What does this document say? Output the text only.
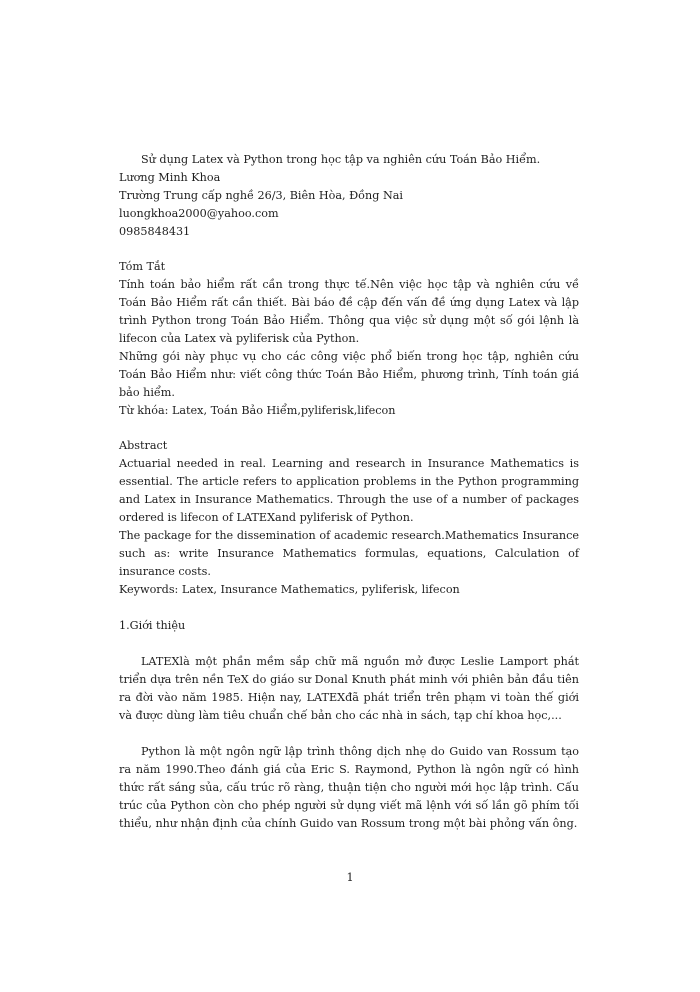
Sử dụng Latex và Python trong học tập va nghiên cứu Toán Bảo Hiểm.

Lương Minh Khoa

Trường Trung cấp nghề 26/3, Biên Hòa, Đồng Nai

luongkhoa2000@yahoo.com

0985848431

Tóm Tắt

Tính toán bảo hiểm rất cần trong thực tế.Nên việc học tập và nghiên cứu về Toán Bảo Hiểm rất cần thiết. Bài báo đề cập đến vấn đề ứng dụng Latex và lập trình Python trong Toán Bảo Hiểm. Thông qua việc sử dụng một số gói lệnh là lifecon của Latex và pyliferisk của Python.

Những gói này phục vụ cho các công việc phổ biến trong học tập, nghiên cứu Toán Bảo Hiểm như: viết công thức Toán Bảo Hiểm, phương trình, Tính toán giá bảo hiểm.

Từ khóa: Latex, Toán Bảo Hiểm,pyliferisk,lifecon

Abstract

Actuarial needed in real. Learning and research in Insurance Mathematics is essential. The article refers to application problems in the Python programming and Latex in Insurance Mathematics. Through the use of a number of packages ordered is lifecon of LATEXand pyliferisk of Python.

The package for the dissemination of academic research.Mathematics Insurance such as: write Insurance Mathematics formulas, equations, Calculation of insurance costs.

Keywords: Latex, Insurance Mathematics, pyliferisk, lifecon

1.Giới thiệu

LATEXlà một phần mềm sắp chữ mã nguồn mở được Leslie Lamport phát triển dựa trên nền TeX do giáo sư Donal Knuth phát minh với phiên bản đầu tiên ra đời vào năm 1985. Hiện nay, LATEXđã phát triển trên phạm vi toàn thế giới và được dùng làm tiêu chuẩn chế bản cho các nhà in sách, tạp chí khoa học,...

Python là một ngôn ngữ lập trình thông dịch nhẹ do Guido van Rossum tạo ra năm 1990.Theo đánh giá của Eric S. Raymond, Python là ngôn ngữ có hình thức rất sáng sủa, cấu trúc rõ ràng, thuận tiện cho người mới học lập trình. Cấu trúc của Python còn cho phép người sử dụng viết mã lệnh với số lần gõ phím tối thiểu, như nhận định của chính Guido van Rossum trong một bài phỏng vấn ông.

1
